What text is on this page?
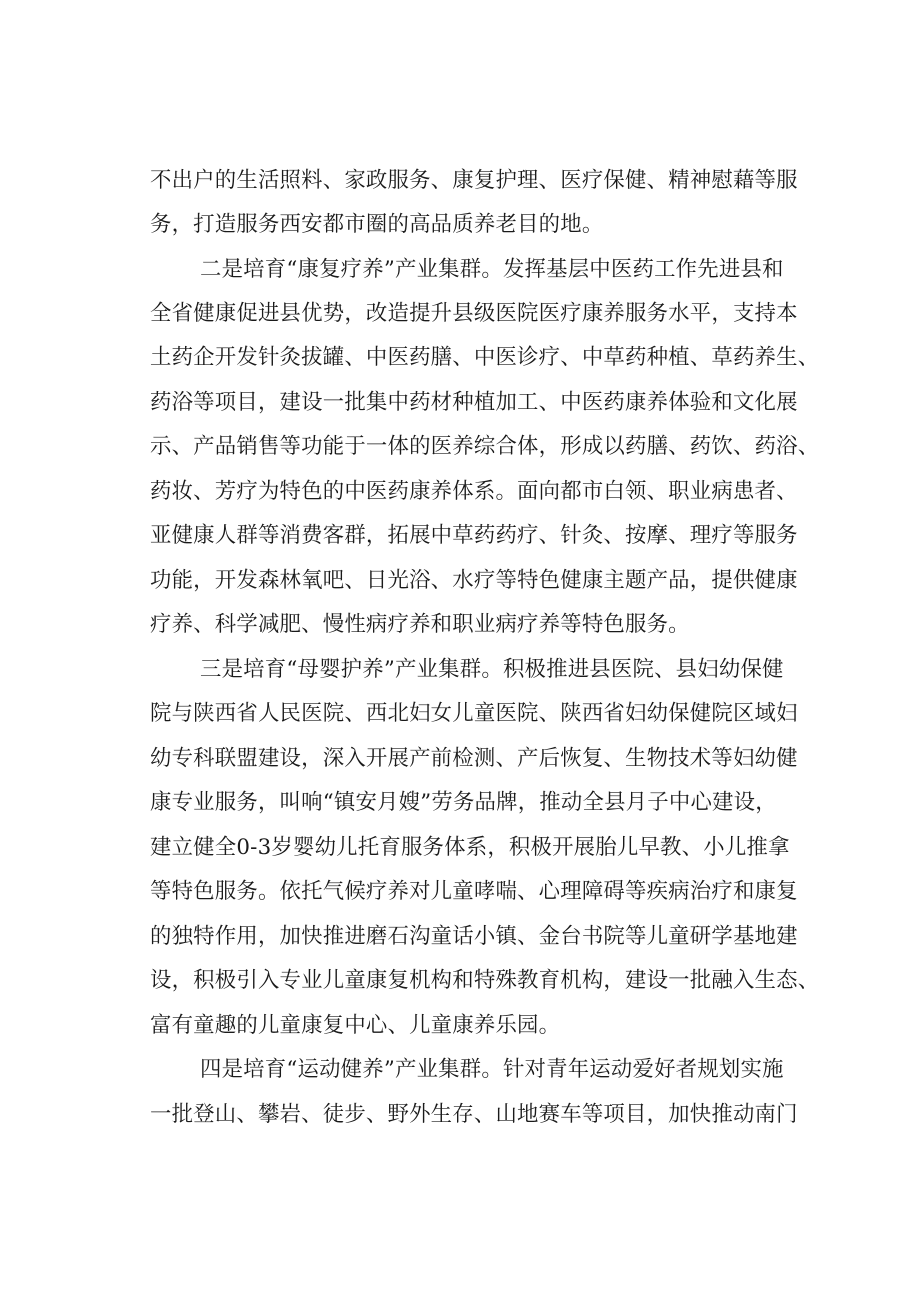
不出户的生活照料、家政服务、康复护理、医疗保健、精神慰藉等服
务，打造服务西安都市圈的高品质养老目的地。
二是培育“康复疗养”产业集群。发挥基层中医药工作先进县和
全省健康促进县优势，改造提升县级医院医疗康养服务水平，支持本
土药企开发针灸拔罐、中医药膳、中医诊疗、中草药种植、草药养生、
药浴等项目，建设一批集中药材种植加工、中医药康养体验和文化展
示、产品销售等功能于一体的医养综合体，形成以药膳、药饮、药浴、
药妆、芳疗为特色的中医药康养体系。面向都市白领、职业病患者、
亚健康人群等消费客群，拓展中草药药疗、针灸、按摩、理疗等服务
功能，开发森林氧吧、日光浴、水疗等特色健康主题产品，提供健康
疗养、科学减肥、慢性病疗养和职业病疗养等特色服务。
三是培育“母婴护养”产业集群。积极推进县医院、县妇幼保健
院与陕西省人民医院、西北妇女儿童医院、陕西省妇幼保健院区域妇
幼专科联盟建设，深入开展产前检测、产后恢复、生物技术等妇幼健
康专业服务，叫响“镇安月嫂”劳务品牌，推动全县月子中心建设，
建立健全0-3岁婴幼儿托育服务体系，积极开展胎儿早教、小儿推拿
等特色服务。依托气候疗养对儿童哮喘、心理障碍等疾病治疗和康复
的独特作用，加快推进磨石沟童话小镇、金台书院等儿童研学基地建
设，积极引入专业儿童康复机构和特殊教育机构，建设一批融入生态、
富有童趣的儿童康复中心、儿童康养乐园。
四是培育“运动健养”产业集群。针对青年运动爱好者规划实施
一批登山、攀岩、徒步、野外生存、山地赛车等项目，加快推动南门
